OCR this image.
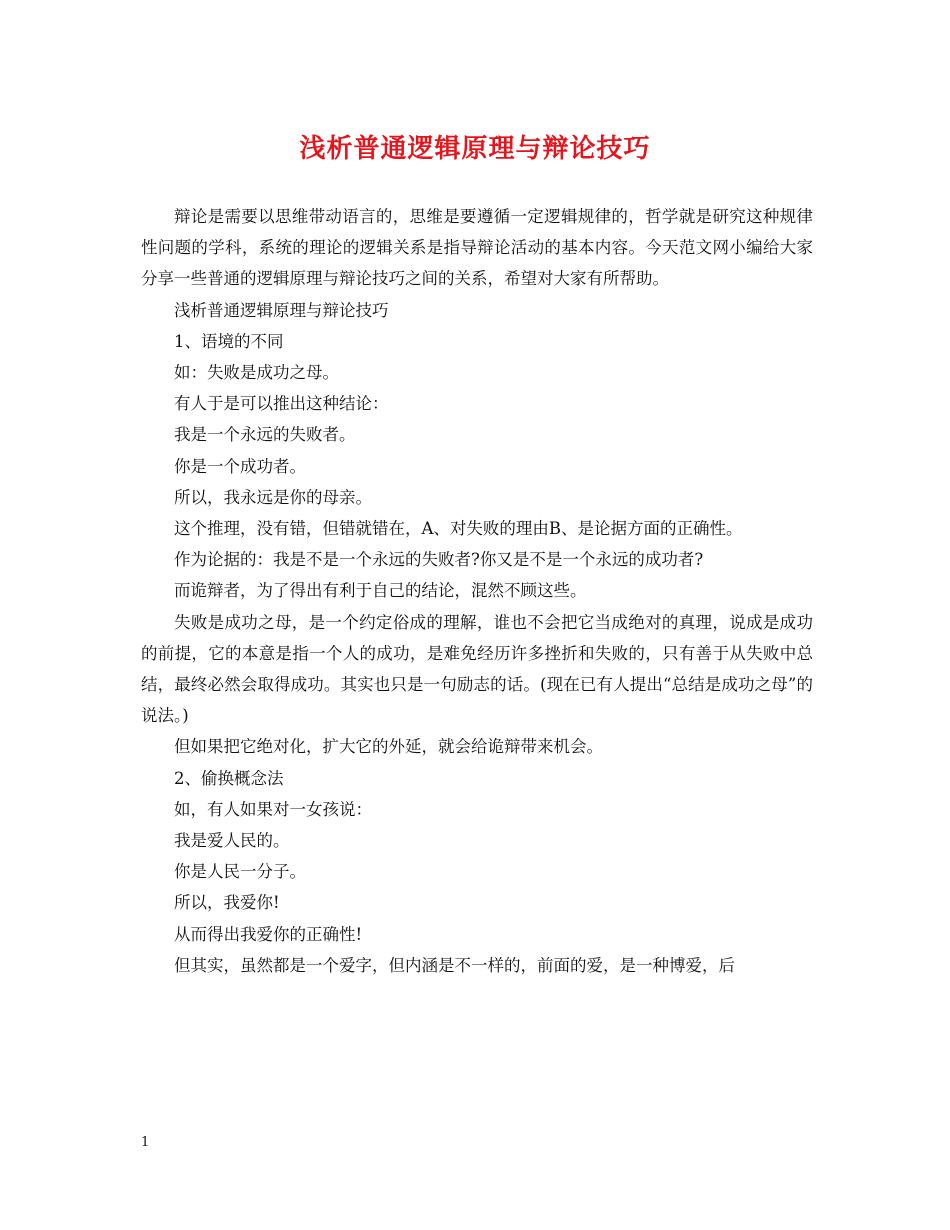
浅析普通逻辑原理与辩论技巧

辩论是需要以思维带动语言的，思维是要遵循一定逻辑规律的，哲学就是研究这种规律性问题的学科，系统的理论的逻辑关系是指导辩论活动的基本内容。今天范文网小编给大家分享一些普通的逻辑原理与辩论技巧之间的关系，希望对大家有所帮助。

浅析普通逻辑原理与辩论技巧

1、语境的不同

如：失败是成功之母。

有人于是可以推出这种结论：

我是一个永远的失败者。

你是一个成功者。

所以，我永远是你的母亲。

这个推理，没有错，但错就错在，A、对失败的理由B、是论据方面的正确性。

作为论据的：我是不是一个永远的失败者?你又是不是一个永远的成功者?

而诡辩者，为了得出有利于自己的结论，混然不顾这些。

失败是成功之母，是一个约定俗成的理解，谁也不会把它当成绝对的真理，说成是成功的前提，它的本意是指一个人的成功，是难免经历许多挫折和失败的，只有善于从失败中总结，最终必然会取得成功。其实也只是一句励志的话。(现在已有人提出“总结是成功之母”的说法。)

但如果把它绝对化，扩大它的外延，就会给诡辩带来机会。

2、偷换概念法

如，有人如果对一女孩说：

我是爱人民的。

你是人民一分子。

所以，我爱你!

从而得出我爱你的正确性!

但其实，虽然都是一个爱字，但内涵是不一样的，前面的爱，是一种博爱，后

1
